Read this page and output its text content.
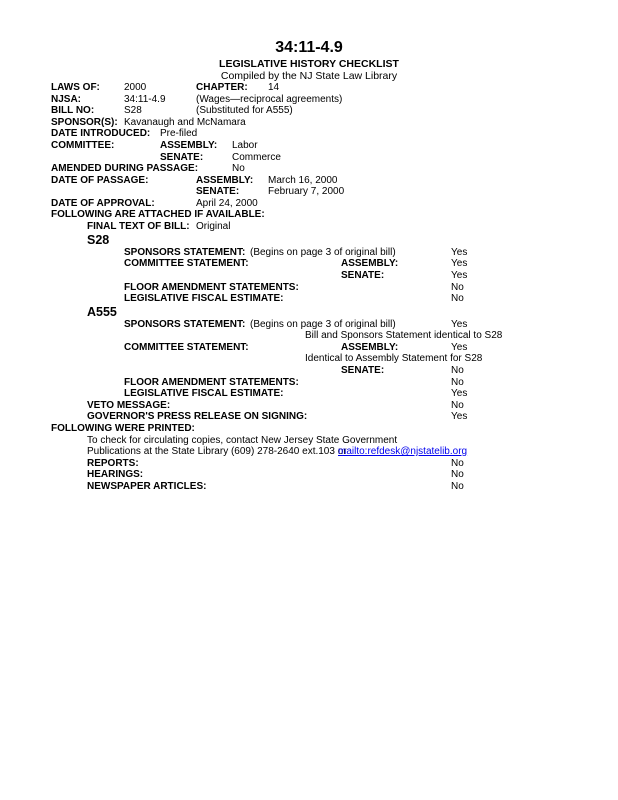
34:11-4.9
LEGISLATIVE HISTORY CHECKLIST
Compiled by the NJ State Law Library
LAWS OF: 2000	CHAPTER: 14
NJSA:	34:11-4.9	(Wages—reciprocal agreements)
BILL NO:	S28	(Substituted for A555)
SPONSOR(S): Kavanaugh and McNamara
DATE INTRODUCED: Pre-filed
COMMITTEE:	ASSEMBLY: Labor
SENATE:	Commerce
AMENDED DURING PASSAGE:	No
DATE OF PASSAGE:	ASSEMBLY: March 16, 2000
SENATE:	February 7, 2000
DATE OF APPROVAL:	April 24, 2000
FOLLOWING ARE ATTACHED IF AVAILABLE:
FINAL TEXT OF BILL: Original
S28
SPONSORS STATEMENT: (Begins on page 3 of original bill)	Yes
COMMITTEE STATEMENT:	ASSEMBLY:	Yes
SENATE:	Yes
FLOOR AMENDMENT STATEMENTS:	No
LEGISLATIVE FISCAL ESTIMATE:	No
A555
SPONSORS STATEMENT: (Begins on page 3 of original bill)	Yes
Bill and Sponsors Statement identical to S28
COMMITTEE STATEMENT:	ASSEMBLY:	Yes
Identical to Assembly Statement for S28
SENATE:	No
FLOOR AMENDMENT STATEMENTS:	No
LEGISLATIVE FISCAL ESTIMATE:	Yes
VETO MESSAGE:	No
GOVERNOR'S PRESS RELEASE ON SIGNING:	Yes
FOLLOWING WERE PRINTED:
To check for circulating copies, contact New Jersey State Government
Publications at the State Library (609) 278-2640 ext.103 or
mailto:refdesk@njstatelib.org
REPORTS:	No
HEARINGS:	No
NEWSPAPER ARTICLES:	No
